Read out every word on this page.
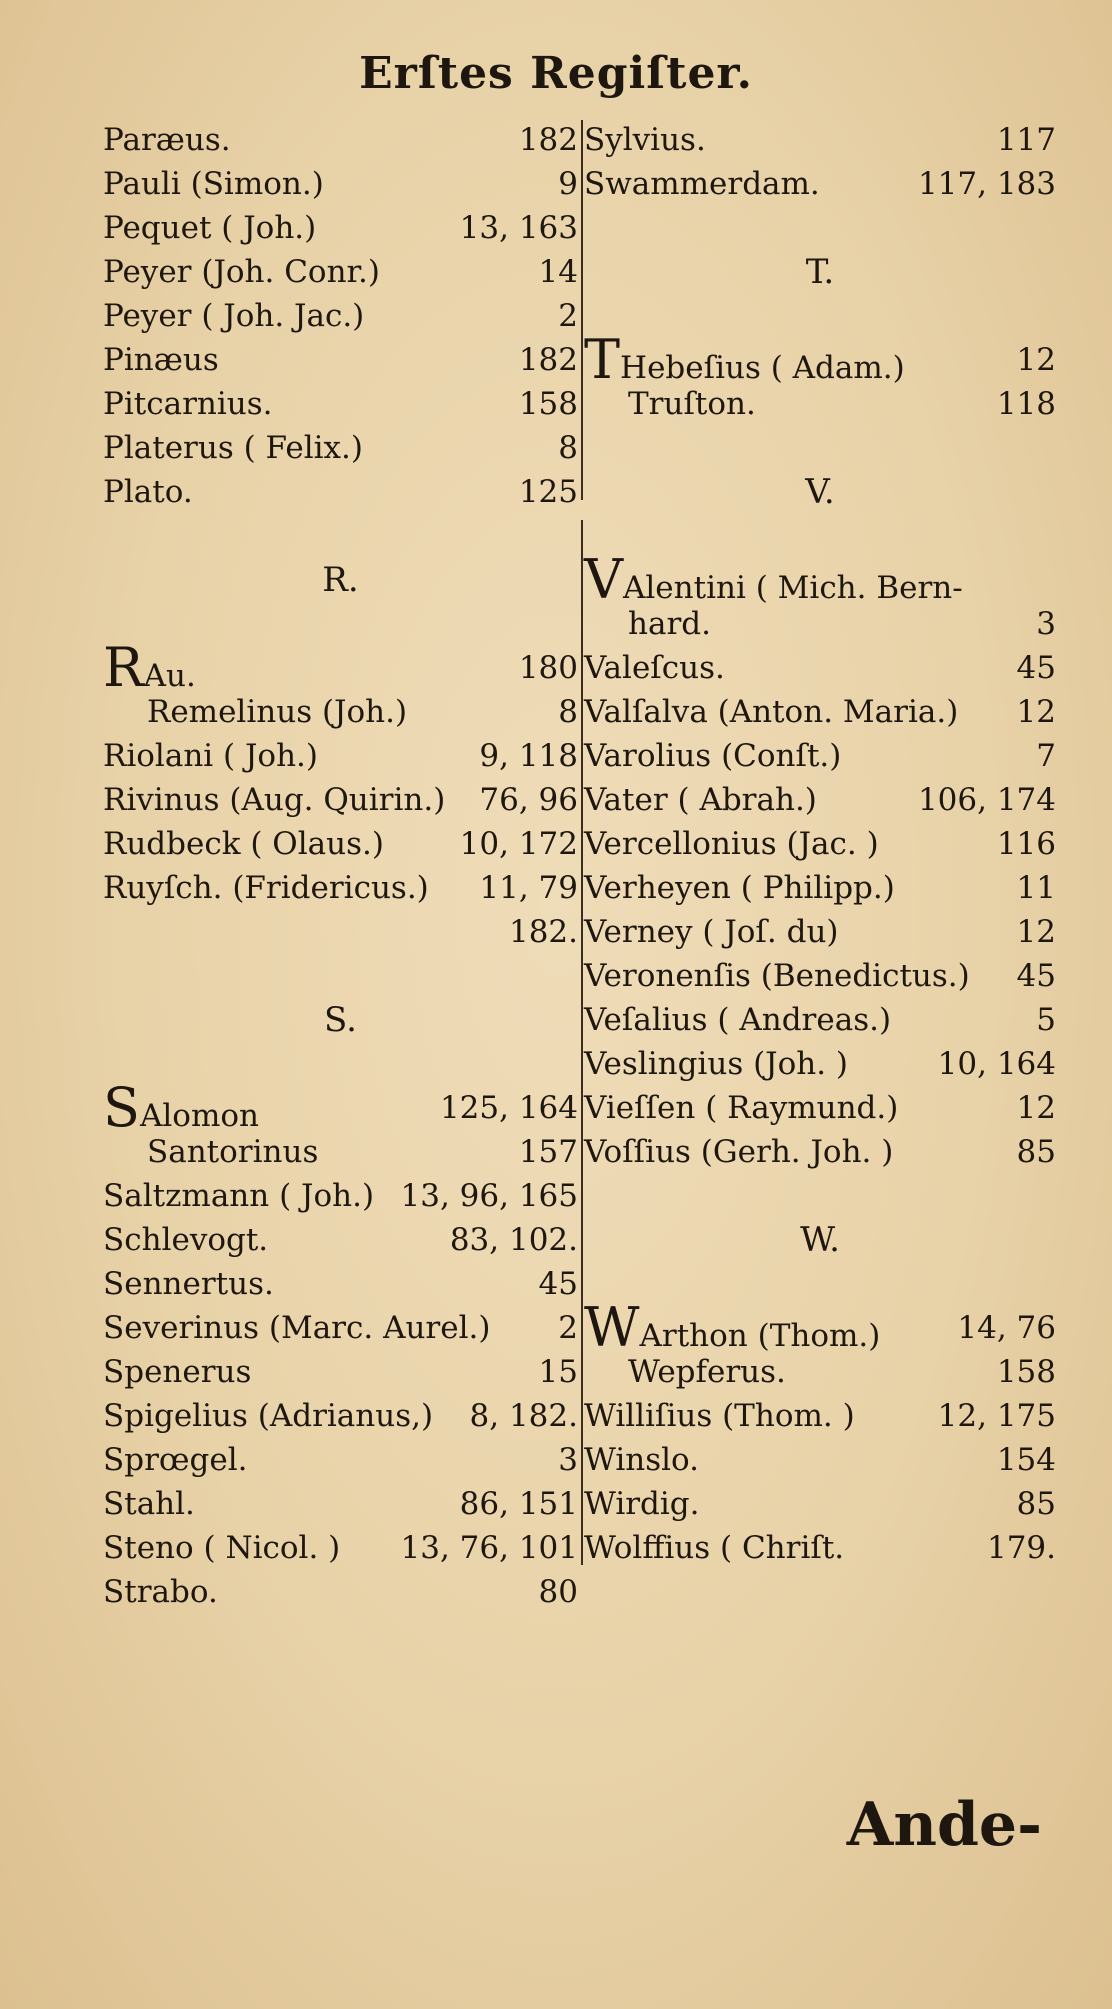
Erſtes Regiſter.
Paræus.	182
Pauli (Simon.)	9
Pequet ( Joh.)	13, 163
Peyer (Joh. Conr.)	14
Peyer ( Joh. Jac.)	2
Pinæus	182
Pitcarnius.	158
Platerus ( Felix.)	8
Plato.	125
R.
RAu.	180
Remelinus (Joh.)	8
Riolani ( Joh.)	9, 118
Rivinus (Aug. Quirin.) 76, 96
Rudbeck ( Olaus.) 10, 172
Ruyſch. (Fridericus.) 11, 79
182.
S.
SAlomon	125, 164
Santorinus	157
Saltzmann ( Joh.) 13, 96, 165
Schlevogt.	83, 102.
Sennertus.	45
Severinus (Marc. Aurel.) 2
Spenerus	15
Spigelius (Adrianus,) 8, 182.
Sprœgel.	3
Stahl.	86, 151
Steno ( Nicol. ) 13, 76, 101
Strabo.	80
Sylvius.	117
Swammerdam.	117, 183
T.
THebeſius ( Adam.)	12
Truſton.	118
V.
VAlentini ( Mich. Bern-
hard.	3
Valeſcus.	45
Valſalva (Anton. Maria.) 12
Varolius (Conſt.)	7
Vater ( Abrah.)	106, 174
Vercellonius (Jac. )	116
Verheyen ( Philipp.)	11
Verney ( Joſ. du)	12
Veronenſis (Benedictus.) 45
Veſalius ( Andreas.)	5
Veslingius (Joh. )	10, 164
Vieſſen ( Raymund.)	12
Voſſius (Gerh. Joh. )	85
W.
WArthon (Thom.) 14, 76
Wepferus.	158
Williſius (Thom. )	12, 175
Winslo.	154
Wirdig.	85
Wolffius ( Chriſt.	179.
Ande-
